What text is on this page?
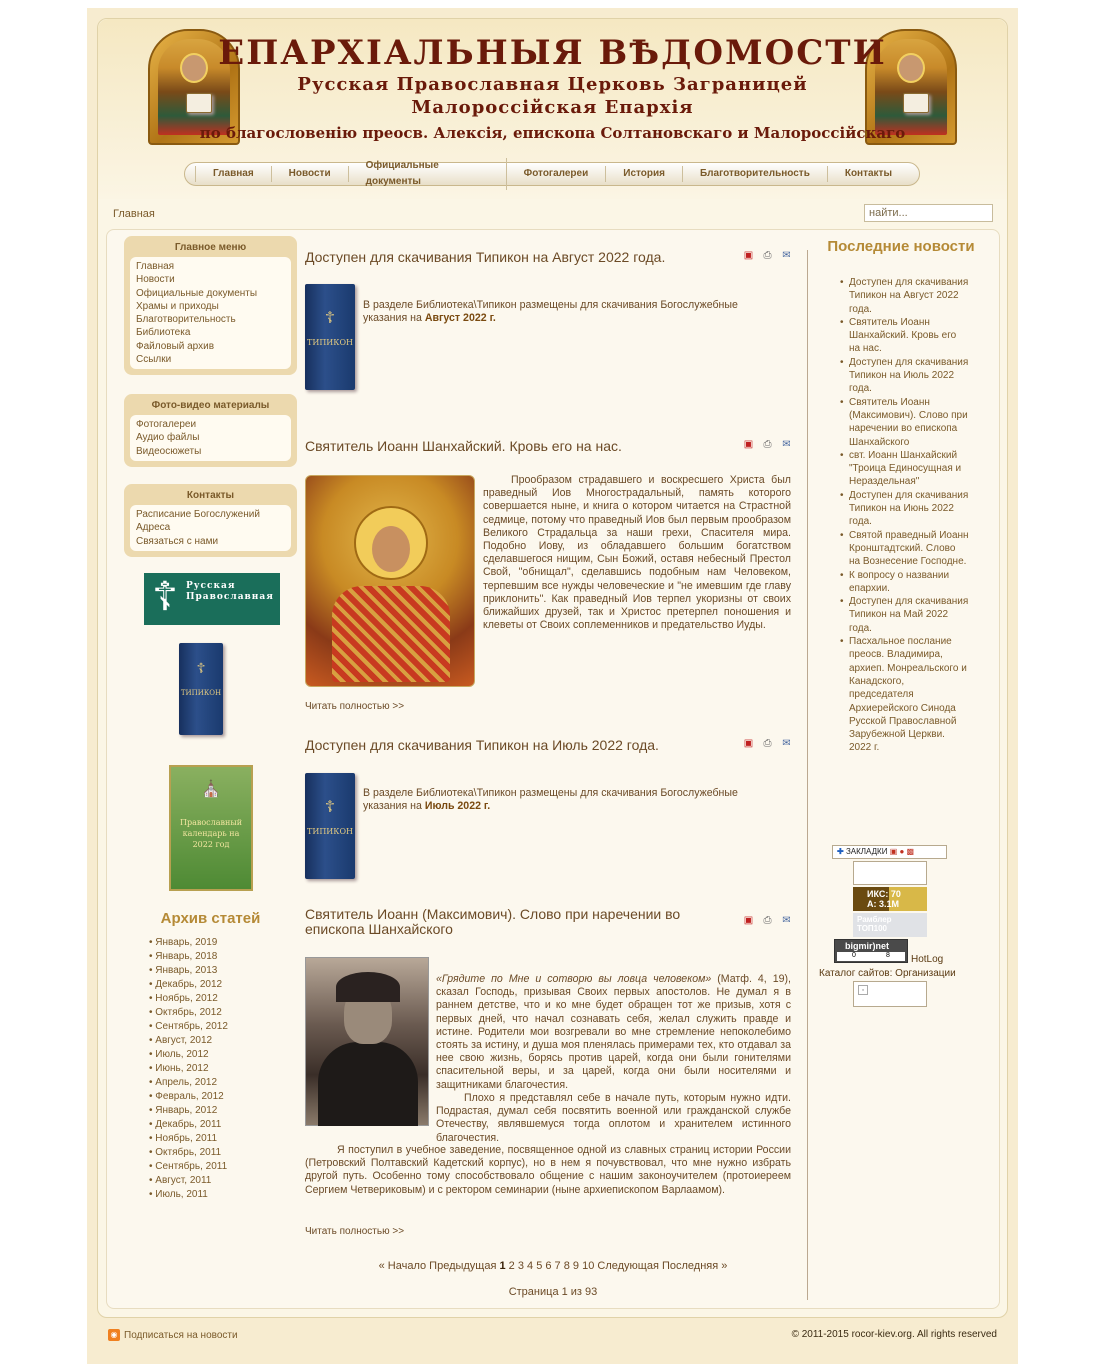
ЕПАРХІАЛЬНЫЯ ВѢДОМОСТИ
Русская Православная Церковь Заграницей
Малороссійская Епархія
по благословенію преосв. Алексія, епископа Солтановскаго и Малороссійскаго
Главная	Новости
Официальные документы
Фотогалереи	История	Благотворительность	Контакты
Главная
найти...
Главное меню
Главная
Новости
Официальные документы
Храмы и приходы
Благотворительность
Библиотека
Файловый архив
Ссылки
Фото-видео материалы
Фотогалереи
Аудио файлы
Видеосюжеты
Контакты
Расписание Богослужений
Адреса
Связаться с нами
☦ Русская
Православная
☦
ТИПИКОН
⛪
Православный
календарь на
2022 год
Архив статей
• Январь, 2019
• Январь, 2018
• Январь, 2013
• Декабрь, 2012
• Ноябрь, 2012
• Октябрь, 2012
• Сентябрь, 2012
• Август, 2012
• Июль, 2012
• Июнь, 2012
• Апрель, 2012
• Февраль, 2012
• Январь, 2012
• Декабрь, 2011
• Ноябрь, 2011
• Октябрь, 2011
• Сентябрь, 2011
• Август, 2011
• Июль, 2011
Доступен для скачивания Типикон на Август 2022 года.	▣ ⎙ ✉
☦
ТИПИКОН
В разделе Библиотека\Типикон размещены для скачивания Богослужебные указания на Август 2022 г.
Святитель Иоанн Шанхайский. Кровь его на нас.	▣ ⎙ ✉
Прообразом страдавшего и воскресшего Христа был праведный Иов Многострадальный, память которого совершается ныне, и книга о котором читается на Страстной седмице, потому что праведный Иов был первым прообразом Великого Страдальца за наши грехи, Спасителя мира. Подобно Иову, из обладавшего большим богатством сделавшегося нищим, Сын Божий, оставя небесный Престол Свой, "обнищал", сделавшись подобным нам Человеком, терпевшим все нужды человеческие и "не имевшим где главу приклонить". Как праведный Иов терпел укоризны от своих ближайших друзей, так и Христос претерпел поношения и клеветы от Своих соплеменников и предательство Иуды.
Читать полностью >>
Доступен для скачивания Типикон на Июль 2022 года.	▣ ⎙ ✉
☦
ТИПИКОН
В разделе Библиотека\Типикон размещены для скачивания Богослужебные указания на Июль 2022 г.
Святитель Иоанн (Максимович). Слово при наречении во епископа Шанхайского
▣ ⎙ ✉
«Грядите по Мне и сотворю вы ловца человеком» (Матф. 4, 19), сказал Господь, призывая Своих первых апостолов. Не думал я в раннем детстве, что и ко мне будет обращен тот же призыв, хотя с первых дней, что начал сознавать себя, желал служить правде и истине. Родители мои возгревали во мне стремление непоколебимо стоять за истину, и душа моя пленялась примерами тех, кто отдавал за нее свою жизнь, борясь против царей, когда они были гонителями спасительной веры, и за царей, когда они были носителями и защитниками благочестия.
Плохо я представлял себе в начале путь, которым нужно идти. Подрастая, думал себя посвятить военной или гражданской службе Отечеству, являвшемуся тогда оплотом и хранителем истинного благочестия.

Я поступил в учебное заведение, посвященное одной из славных страниц истории России (Петровский Полтавский Кадетский корпус), но в нем я почувствовал, что мне нужно избрать другой путь. Особенно тому способствовало общение с нашим законоучителем (протоиереем Сергием Четвериковым) и с ректором семинарии (ныне архиепископом Варлаамом).
Читать полностью >>
« Начало Предыдущая 1 2 3 4 5 6 7 8 9 10 Следующая Последняя »
Страница 1 из 93
Последние новости
• Доступен для скачивания Типикон на Август 2022 года.
• Святитель Иоанн Шанхайский. Кровь его на нас.
• Доступен для скачивания Типикон на Июль 2022 года.
• Святитель Иоанн (Максимович). Слово при наречении во епископа Шанхайского
• свт. Иоанн Шанхайский "Троица Единосущная и Нераздельная"
• Доступен для скачивания Типикон на Июнь 2022 года.
• Святой праведный Иоанн Кронштадтский. Слово на Вознесение Господне.
• К вопросу о названии епархии.
• Доступен для скачивания Типикон на Май 2022 года.
• Пасхальное послание преосв. Владимира, архиеп. Монреальского и Канадского, председателя Архиерейского Синода Русской Православной Зарубежной Церкви. 2022 г.
✚ ЗАКЛАДКИ ▣ ● ▩
ИКС: 70
А: 3.1М
Рамблер ТОП100
bigmir)net
0	8 HotLog
Каталог сайтов: Организации
▫
◉ Подписаться на новости	© 2011-2015 rocor-kiev.org. All rights reserved
